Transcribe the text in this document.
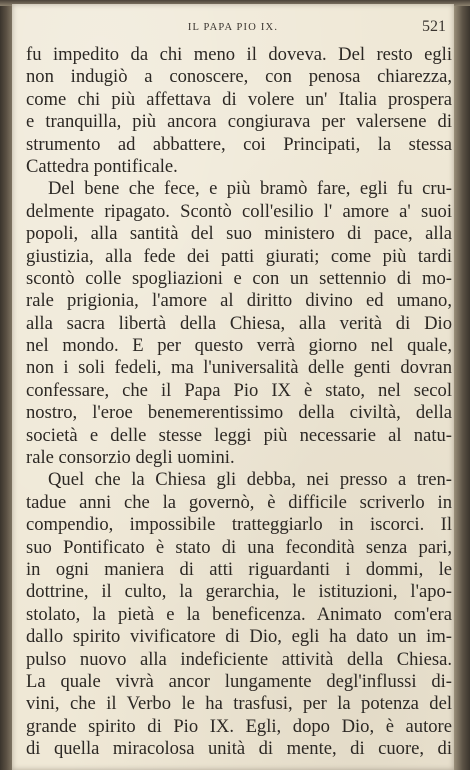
IL PAPA PIO IX.	521
fu impedito da chi meno il doveva. Del resto egli
non indugiò a conoscere, con penosa chiarezza,
come chi più affettava di volere un' Italia prospera
e tranquilla, più ancora congiurava per valersene di
strumento ad abbattere, coi Principati, la stessa
Cattedra pontificale.
Del bene che fece, e più bramò fare, egli fu cru-
delmente ripagato. Scontò coll'esilio l' amore a' suoi
popoli, alla santità del suo ministero di pace, alla
giustizia, alla fede dei patti giurati; come più tardi
scontò colle spogliazioni e con un settennio di mo-
rale prigionia, l'amore al diritto divino ed umano,
alla sacra libertà della Chiesa, alla verità di Dio
nel mondo. E per questo verrà giorno nel quale,
non i soli fedeli, ma l'universalità delle genti dovran
confessare, che il Papa Pio IX è stato, nel secol
nostro, l'eroe benemerentissimo della civiltà, della
società e delle stesse leggi più necessarie al natu-
rale consorzio degli uomini.
Quel che la Chiesa gli debba, nei presso a tren-
tadue anni che la governò, è difficile scriverlo in
compendio, impossibile tratteggiarlo in iscorci. Il
suo Pontificato è stato di una fecondità senza pari,
in ogni maniera di atti riguardanti i dommi, le
dottrine, il culto, la gerarchia, le istituzioni, l'apo-
stolato, la pietà e la beneficenza. Animato com'era
dallo spirito vivificatore di Dio, egli ha dato un im-
pulso nuovo alla indeficiente attività della Chiesa.
La quale vivrà ancor lungamente degl'influssi di-
vini, che il Verbo le ha trasfusi, per la potenza del
grande spirito di Pio IX. Egli, dopo Dio, è autore
di quella miracolosa unità di mente, di cuore, di
